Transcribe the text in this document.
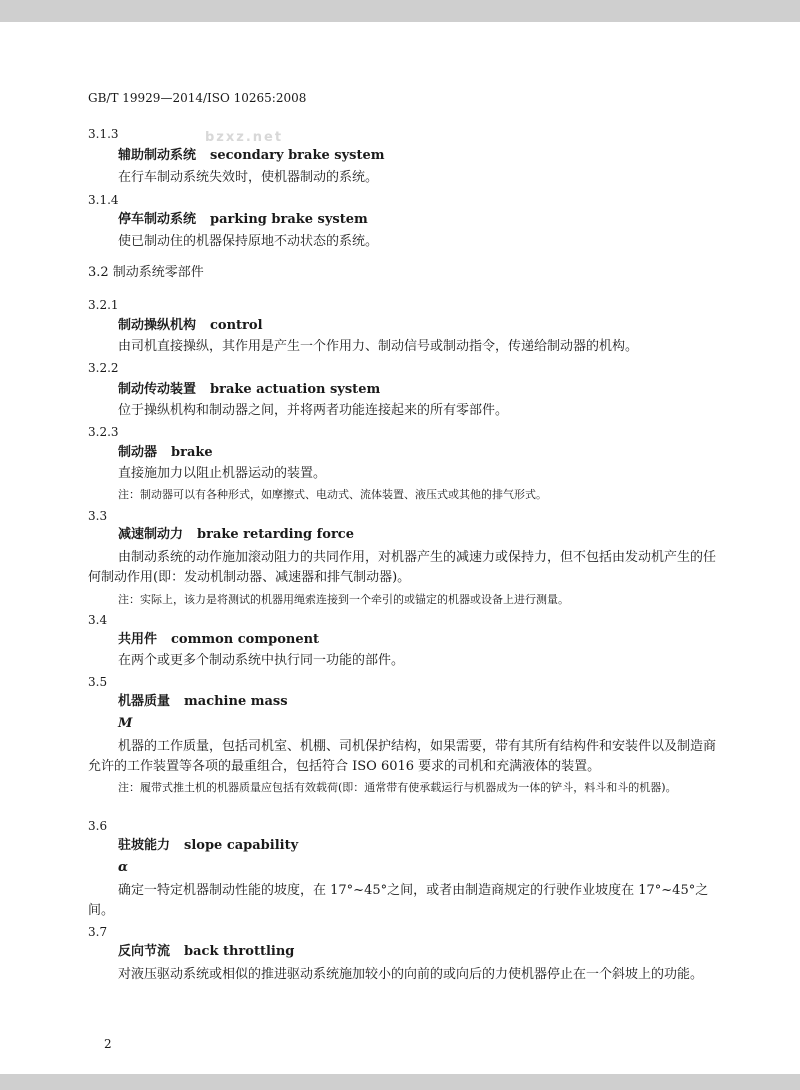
bzxz.net
GB/T 19929—2014/ISO 10265:2008
3.1.3
辅助制动系统 secondary brake system
在行车制动系统失效时，使机器制动的系统。
3.1.4
停车制动系统 parking brake system
使已制动住的机器保持原地不动状态的系统。
3.2 制动系统零部件
3.2.1
制动操纵机构 control
由司机直接操纵，其作用是产生一个作用力、制动信号或制动指令，传递给制动器的机构。
3.2.2
制动传动装置 brake actuation system
位于操纵机构和制动器之间，并将两者功能连接起来的所有零部件。
3.2.3
制动器 brake
直接施加力以阻止机器运动的装置。
注：制动器可以有各种形式，如摩擦式、电动式、流体装置、液压式或其他的排气形式。
3.3
减速制动力 brake retarding force
由制动系统的动作施加滚动阻力的共同作用，对机器产生的减速力或保持力，但不包括由发动机产生的任何制动作用(即：发动机制动器、减速器和排气制动器)。
注：实际上，该力是将测试的机器用绳索连接到一个牵引的或锚定的机器或设备上进行测量。
3.4
共用件 common component
在两个或更多个制动系统中执行同一功能的部件。
3.5
机器质量 machine mass
M
机器的工作质量，包括司机室、机棚、司机保护结构，如果需要，带有其所有结构件和安装件以及制造商允许的工作装置等各项的最重组合，包括符合 ISO 6016 要求的司机和充满液体的装置。
注：履带式推土机的机器质量应包括有效载荷(即：通常带有使承载运行与机器成为一体的铲斗，料斗和斗的机器)。
3.6
驻坡能力 slope capability
α
确定一特定机器制动性能的坡度，在 17°~45°之间，或者由制造商规定的行驶作业坡度在 17°~45°之间。
3.7
反向节流 back throttling
对液压驱动系统或相似的推进驱动系统施加较小的向前的或向后的力使机器停止在一个斜坡上的功能。
2
